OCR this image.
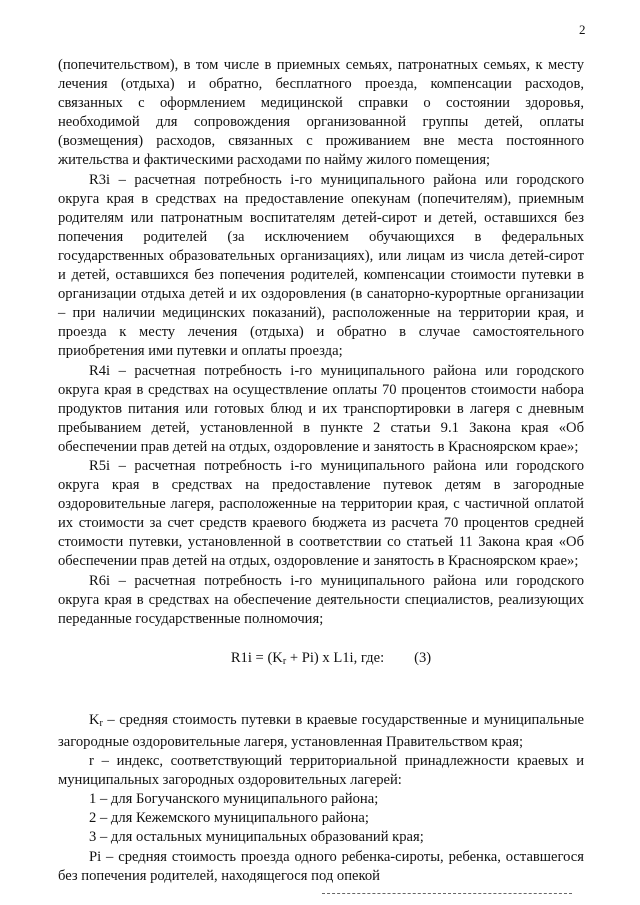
2

(попечительством), в том числе в приемных семьях, патронатных семьях, к месту лечения (отдыха) и обратно, бесплатного проезда, компенсации расходов, связанных с оформлением медицинской справки о состоянии здоровья, необходимой для сопровождения организованной группы детей, оплаты (возмещения) расходов, связанных с проживанием вне места постоянного жительства и фактическими расходами по найму жилого помещения;

R3i – расчетная потребность i-го муниципального района или городского округа края в средствах на предоставление опекунам (попечителям), приемным родителям или патронатным воспитателям детей-сирот и детей, оставшихся без попечения родителей (за исключением обучающихся в федеральных государственных образовательных организациях), или лицам из числа детей-сирот и детей, оставшихся без попечения родителей, компенсации стоимости путевки в организации отдыха детей и их оздоровления (в санаторно-курортные организации – при наличии медицинских показаний), расположенные на территории края, и проезда к месту лечения (отдыха) и обратно в случае самостоятельного приобретения ими путевки и оплаты проезда;

R4i – расчетная потребность i-го муниципального района или городского округа края в средствах на осуществление оплаты 70 процентов стоимости набора продуктов питания или готовых блюд и их транспортировки в лагеря с дневным пребыванием детей, установленной в пункте 2 статьи 9.1 Закона края «Об обеспечении прав детей на отдых, оздоровление и занятость в Красноярском крае»;

R5i – расчетная потребность i-го муниципального района или городского округа края в средствах на предоставление путевок детям в загородные оздоровительные лагеря, расположенные на территории края, с частичной оплатой их стоимости за счет средств краевого бюджета из расчета 70 процентов средней стоимости путевки, установленной в соответствии со статьей 11 Закона края «Об обеспечении прав детей на отдых, оздоровление и занятость в Красноярском крае»;

R6i – расчетная потребность i-го муниципального района или городского округа края в средствах на обеспечение деятельности специалистов, реализующих переданные государственные полномочия;

$R1i = (K_r + Pi)$ x L1i, где: (3)

$K_r$ – средняя стоимость путевки в краевые государственные и муниципальные загородные оздоровительные лагеря, установленная Правительством края;

r – индекс, соответствующий территориальной принадлежности краевых и муниципальных загородных оздоровительных лагерей:

1 – для Богучанского муниципального района;

2 – для Кежемского муниципального района;

3 – для остальных муниципальных образований края;

Pi – средняя стоимость проезда одного ребенка-сироты, ребенка, оставшегося без попечения родителей, находящегося под опекой
